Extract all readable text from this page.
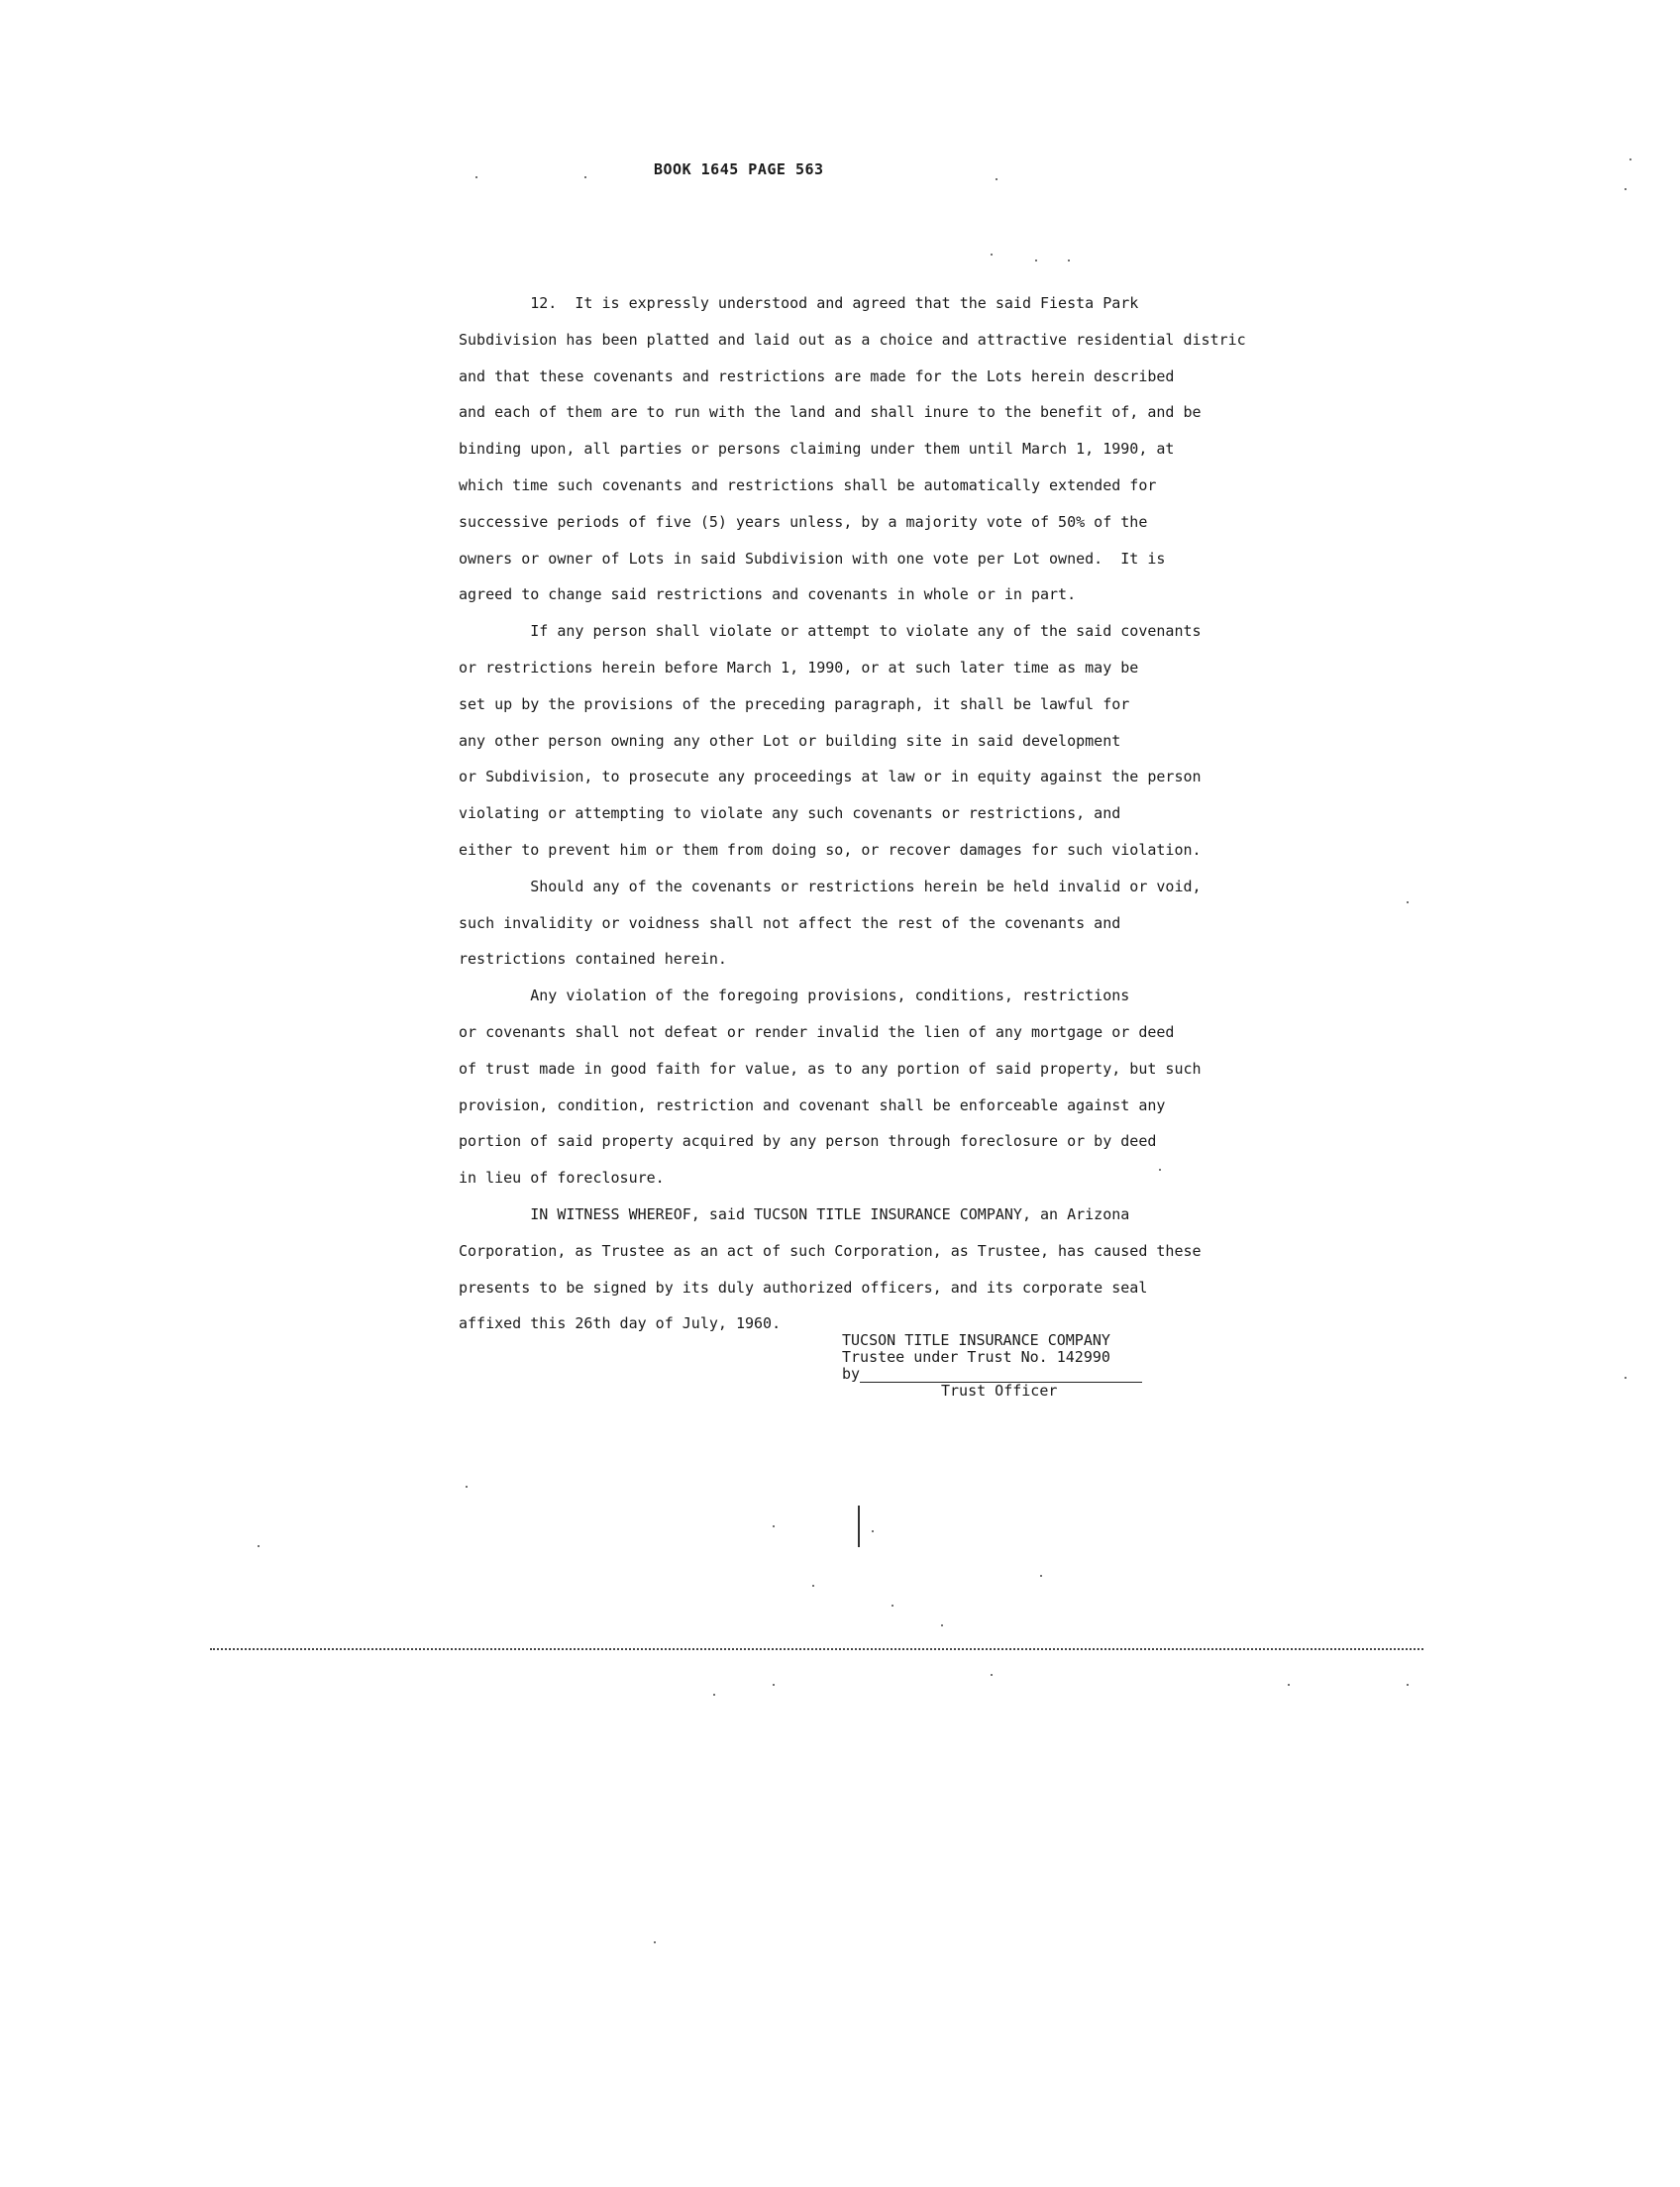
BOOK 1645 PAGE 563
12.  It is expressly understood and agreed that the said Fiesta Park
Subdivision has been platted and laid out as a choice and attractive residential distric
and that these covenants and restrictions are made for the Lots herein described
and each of them are to run with the land and shall inure to the benefit of, and be
binding upon, all parties or persons claiming under them until March 1, 1990, at
which time such covenants and restrictions shall be automatically extended for
successive periods of five (5) years unless, by a majority vote of 50% of the
owners or owner of Lots in said Subdivision with one vote per Lot owned.  It is
agreed to change said restrictions and covenants in whole or in part.
If any person shall violate or attempt to violate any of the said covenants
or restrictions herein before March 1, 1990, or at such later time as may be
set up by the provisions of the preceding paragraph, it shall be lawful for
any other person owning any other Lot or building site in said development
or Subdivision, to prosecute any proceedings at law or in equity against the person
violating or attempting to violate any such covenants or restrictions, and
either to prevent him or them from doing so, or recover damages for such violation.
Should any of the covenants or restrictions herein be held invalid or void,
such invalidity or voidness shall not affect the rest of the covenants and
restrictions contained herein.
Any violation of the foregoing provisions, conditions, restrictions
or covenants shall not defeat or render invalid the lien of any mortgage or deed
of trust made in good faith for value, as to any portion of said property, but such
provision, condition, restriction and covenant shall be enforceable against any
portion of said property acquired by any person through foreclosure or by deed
in lieu of foreclosure.
IN WITNESS WHEREOF, said TUCSON TITLE INSURANCE COMPANY, an Arizona
Corporation, as Trustee as an act of such Corporation, as Trustee, has caused these
presents to be signed by its duly authorized officers, and its corporate seal
affixed this 26th day of July, 1960.
TUCSON TITLE INSURANCE COMPANY
Trustee under Trust No. 142990
by
Trust Officer
